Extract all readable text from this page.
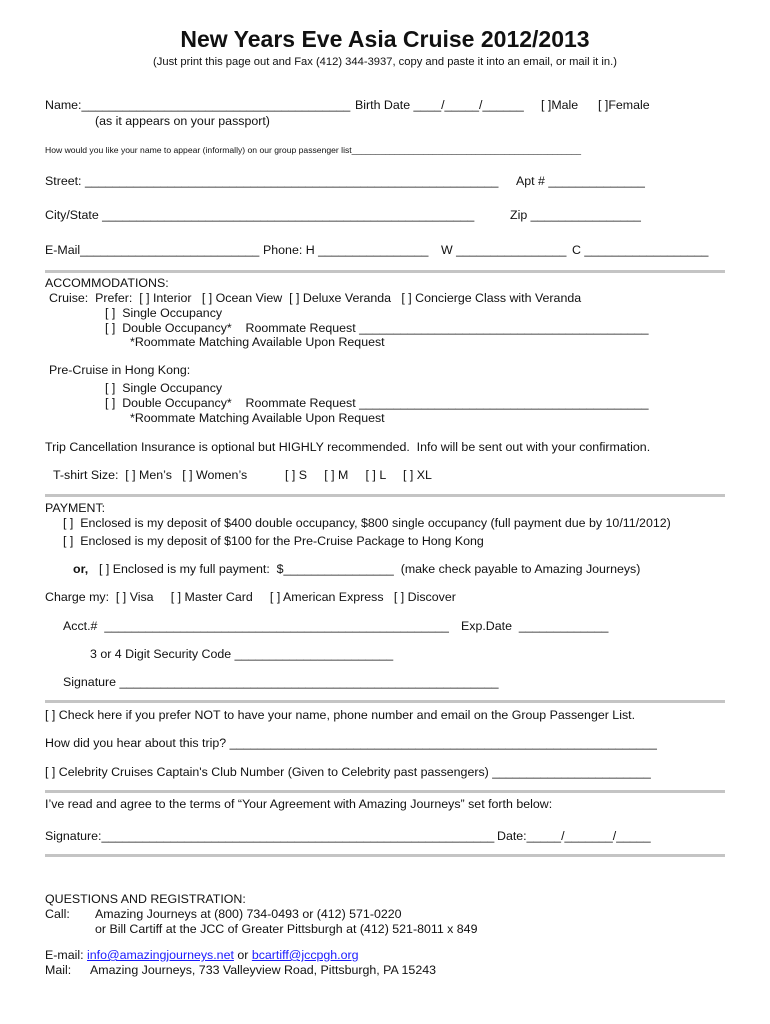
New Years Eve Asia Cruise 2012/2013
(Just print this page out and Fax (412) 344-3937, copy and paste it into an email, or mail it in.)
Name:_______________________________________ Birth Date ____/_____/______ [ ]Male [ ]Female
(as it appears on your passport)
How would you like your name to appear (informally) on our group passenger list________________________________________________
Street: ____________________________________________________________ Apt # ______________
City/State ______________________________________________________	Zip ________________
E-Mail__________________________ Phone: H ________________ W ________________ C __________________
ACCOMMODATIONS:
Cruise:  Prefer:  [ ] Interior   [ ] Ocean View  [ ] Deluxe Veranda   [ ] Concierge Class with Veranda
[ ]  Single Occupancy
[ ]  Double Occupancy*    Roommate Request __________________________________________
*Roommate Matching Available Upon Request
Pre-Cruise in Hong Kong:
[ ]  Single Occupancy
[ ]  Double Occupancy*    Roommate Request __________________________________________
*Roommate Matching Available Upon Request
Trip Cancellation Insurance is optional but HIGHLY recommended.  Info will be sent out with your confirmation.
T-shirt Size:  [ ] Men’s   [ ] Women’s	[ ] S     [ ] M     [ ] L     [ ] XL
PAYMENT:
[ ]  Enclosed is my deposit of $400 double occupancy, $800 single occupancy (full payment due by 10/11/2012)
[ ]  Enclosed is my deposit of $100 for the Pre-Cruise Package to Hong Kong
or, [ ] Enclosed is my full payment:  $________________  (make check payable to Amazing Journeys)
Charge my:  [ ] Visa     [ ] Master Card     [ ] American Express   [ ] Discover
Acct.#  __________________________________________________ Exp.Date  _____________
3 or 4 Digit Security Code _______________________
Signature _______________________________________________________
[ ] Check here if you prefer NOT to have your name, phone number and email on the Group Passenger List.
How did you hear about this trip? ______________________________________________________________
[ ] Celebrity Cruises Captain's Club Number (Given to Celebrity past passengers) _______________________
I’ve read and agree to the terms of “Your Agreement with Amazing Journeys” set forth below:
Signature:_________________________________________________________ Date:_____/_______/_____
QUESTIONS AND REGISTRATION:
Call: Amazing Journeys at (800) 734-0493 or (412) 571-0220
or Bill Cartiff at the JCC of Greater Pittsburgh at (412) 521-8011 x 849
E-mail: info@amazingjourneys.net or bcartiff@jccpgh.org
Mail: Amazing Journeys, 733 Valleyview Road, Pittsburgh, PA 15243
